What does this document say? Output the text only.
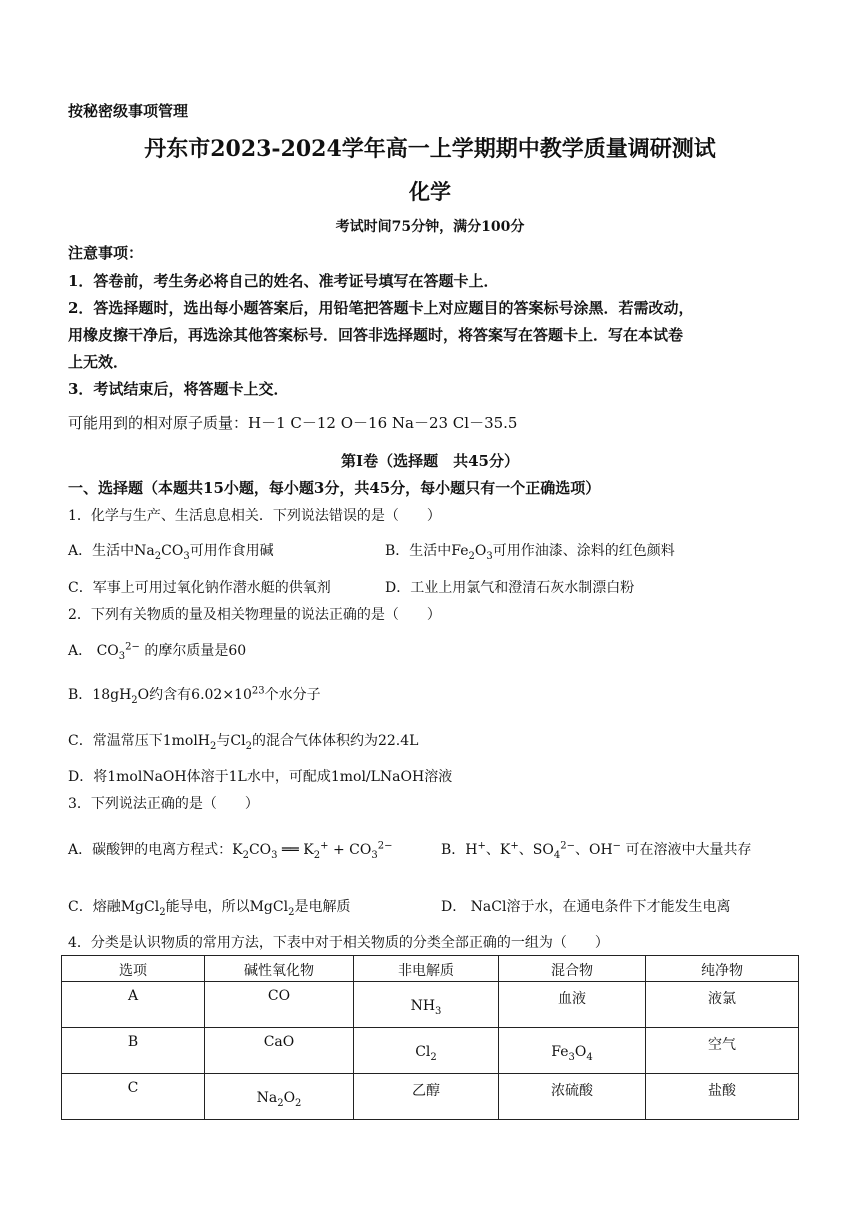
按秘密级事项管理
丹东市2023-2024学年高一上学期期中教学质量调研测试
化学
考试时间75分钟，满分100分
注意事项：
1．答卷前，考生务必将自己的姓名、准考证号填写在答题卡上．
2．答选择题时，选出每小题答案后，用铅笔把答题卡上对应题目的答案标号涂黑．若需改动，
用橡皮擦干净后，再选涂其他答案标号．回答非选择题时，将答案写在答题卡上．写在本试卷
上无效．
3．考试结束后，将答题卡上交．
可能用到的相对原子质量：H－1 C－12 O－16 Na－23 Cl－35.5
第Ⅰ卷（选择题　共45分）
一、选择题（本题共15小题，每小题3分，共45分，每小题只有一个正确选项）
1．化学与生产、生活息息相关．下列说法错误的是（　　）
A．生活中$Na_2CO_3$可用作食用碱	B．生活中$Fe_2O_3$可用作油漆、涂料的红色颜料
C．军事上可用过氧化钠作潜水艇的供氧剂	D．工业上用氯气和澄清石灰水制漂白粉
2．下列有关物质的量及相关物理量的说法正确的是（　　）
A． $CO_3^{2-}$ 的摩尔质量是60
B．$18gH_2O$约含有$6.02\times 10^{23}$个水分子
C．常温常压下1molH$_2$与$Cl_2$的混合气体体积约为22.4L
D．将1molNaOH体溶于1L水中，可配成1mol/LNaOH溶液
3．下列说法正确的是（　　）
A．碳酸钾的电离方程式：$K_2CO_3$ ══ $K_2^+ + CO_3^{2-}$	B．H+、K+、$SO_4^{2-}$、OH− 可在溶液中大量共存
C．熔融MgCl$_2$能导电，所以MgCl$_2$是电解质	D． NaCl溶于水，在通电条件下才能发生电离
4．分类是认识物质的常用方法，下表中对于相关物质的分类全部正确的一组为（　　）
选项	碱性氧化物	非电解质	混合物	纯净物
A	CO	$NH_3$	血液	液氯
B	CaO	$Cl_2$	$Fe_3O_4$	空气
C	$Na_2O_2$	乙醇	浓硫酸	盐酸
